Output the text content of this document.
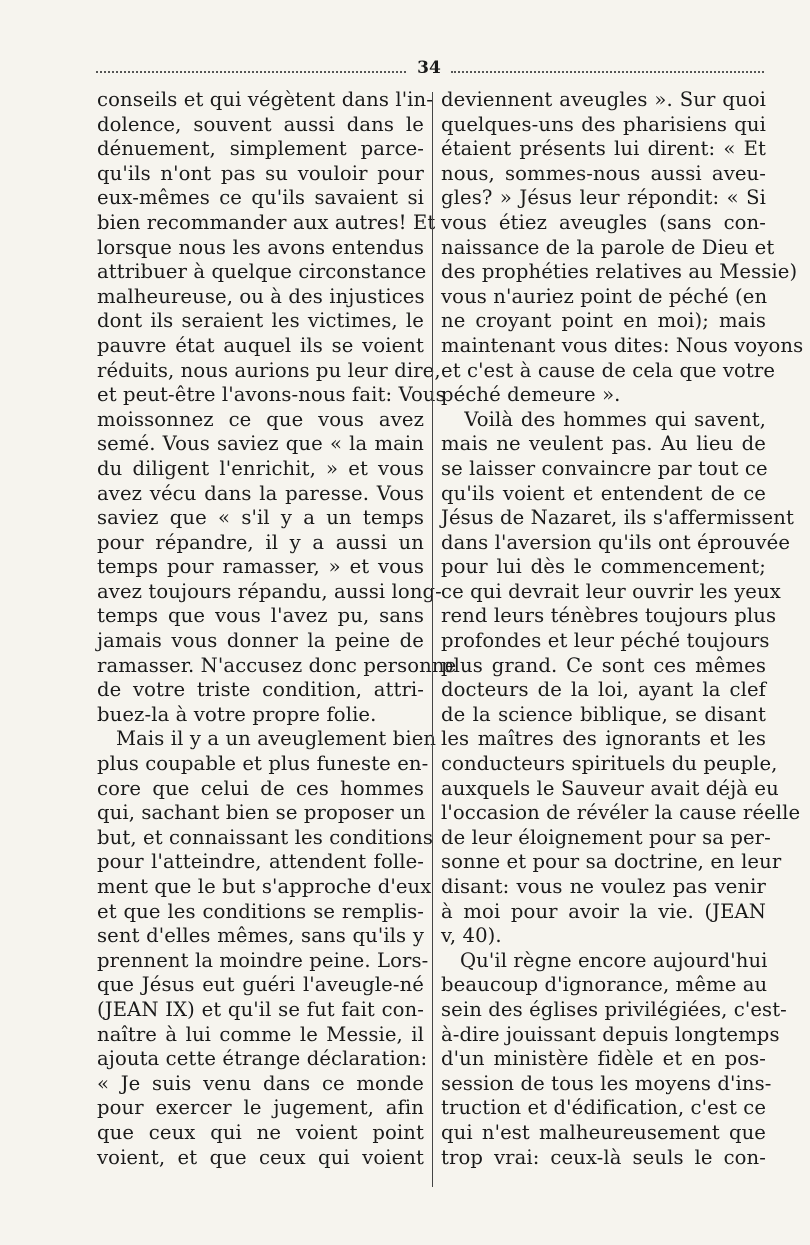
34
conseils et qui végètent dans l'in-
dolence, souvent aussi dans le
dénuement, simplement parce-
qu'ils n'ont pas su vouloir pour
eux-mêmes ce qu'ils savaient si
bien recommander aux autres! Et
lorsque nous les avons entendus
attribuer à quelque circonstance
malheureuse, ou à des injustices
dont ils seraient les victimes, le
pauvre état auquel ils se voient
réduits, nous aurions pu leur dire,
et peut-être l'avons-nous fait: Vous
moissonnez ce que vous avez
semé. Vous saviez que « la main
du diligent l'enrichit, » et vous
avez vécu dans la paresse. Vous
saviez que « s'il y a un temps
pour répandre, il y a aussi un
temps pour ramasser, » et vous
avez toujours répandu, aussi long-
temps que vous l'avez pu, sans
jamais vous donner la peine de
ramasser. N'accusez donc personne
de votre triste condition, attri-
buez-la à votre propre folie.
Mais il y a un aveuglement bien
plus coupable et plus funeste en-
core que celui de ces hommes
qui, sachant bien se proposer un
but, et connaissant les conditions
pour l'atteindre, attendent folle-
ment que le but s'approche d'eux
et que les conditions se remplis-
sent d'elles mêmes, sans qu'ils y
prennent la moindre peine. Lors-
que Jésus eut guéri l'aveugle-né
(JEAN IX) et qu'il se fut fait con-
naître à lui comme le Messie, il
ajouta cette étrange déclaration:
« Je suis venu dans ce monde
pour exercer le jugement, afin
que ceux qui ne voient point
voient, et que ceux qui voient
deviennent aveugles ». Sur quoi
quelques-uns des pharisiens qui
étaient présents lui dirent: « Et
nous, sommes-nous aussi aveu-
gles? » Jésus leur répondit: « Si
vous étiez aveugles (sans con-
naissance de la parole de Dieu et
des prophéties relatives au Messie)
vous n'auriez point de péché (en
ne croyant point en moi); mais
maintenant vous dites: Nous voyons
et c'est à cause de cela que votre
péché demeure ».
Voilà des hommes qui savent,
mais ne veulent pas. Au lieu de
se laisser convaincre par tout ce
qu'ils voient et entendent de ce
Jésus de Nazaret, ils s'affermissent
dans l'aversion qu'ils ont éprouvée
pour lui dès le commencement;
ce qui devrait leur ouvrir les yeux
rend leurs ténèbres toujours plus
profondes et leur péché toujours
plus grand. Ce sont ces mêmes
docteurs de la loi, ayant la clef
de la science biblique, se disant
les maîtres des ignorants et les
conducteurs spirituels du peuple,
auxquels le Sauveur avait déjà eu
l'occasion de révéler la cause réelle
de leur éloignement pour sa per-
sonne et pour sa doctrine, en leur
disant: vous ne voulez pas venir
à moi pour avoir la vie. (JEAN
v, 40).
Qu'il règne encore aujourd'hui
beaucoup d'ignorance, même au
sein des églises privilégiées, c'est-
à-dire jouissant depuis longtemps
d'un ministère fidèle et en pos-
session de tous les moyens d'ins-
truction et d'édification, c'est ce
qui n'est malheureusement que
trop vrai: ceux-là seuls le con-
